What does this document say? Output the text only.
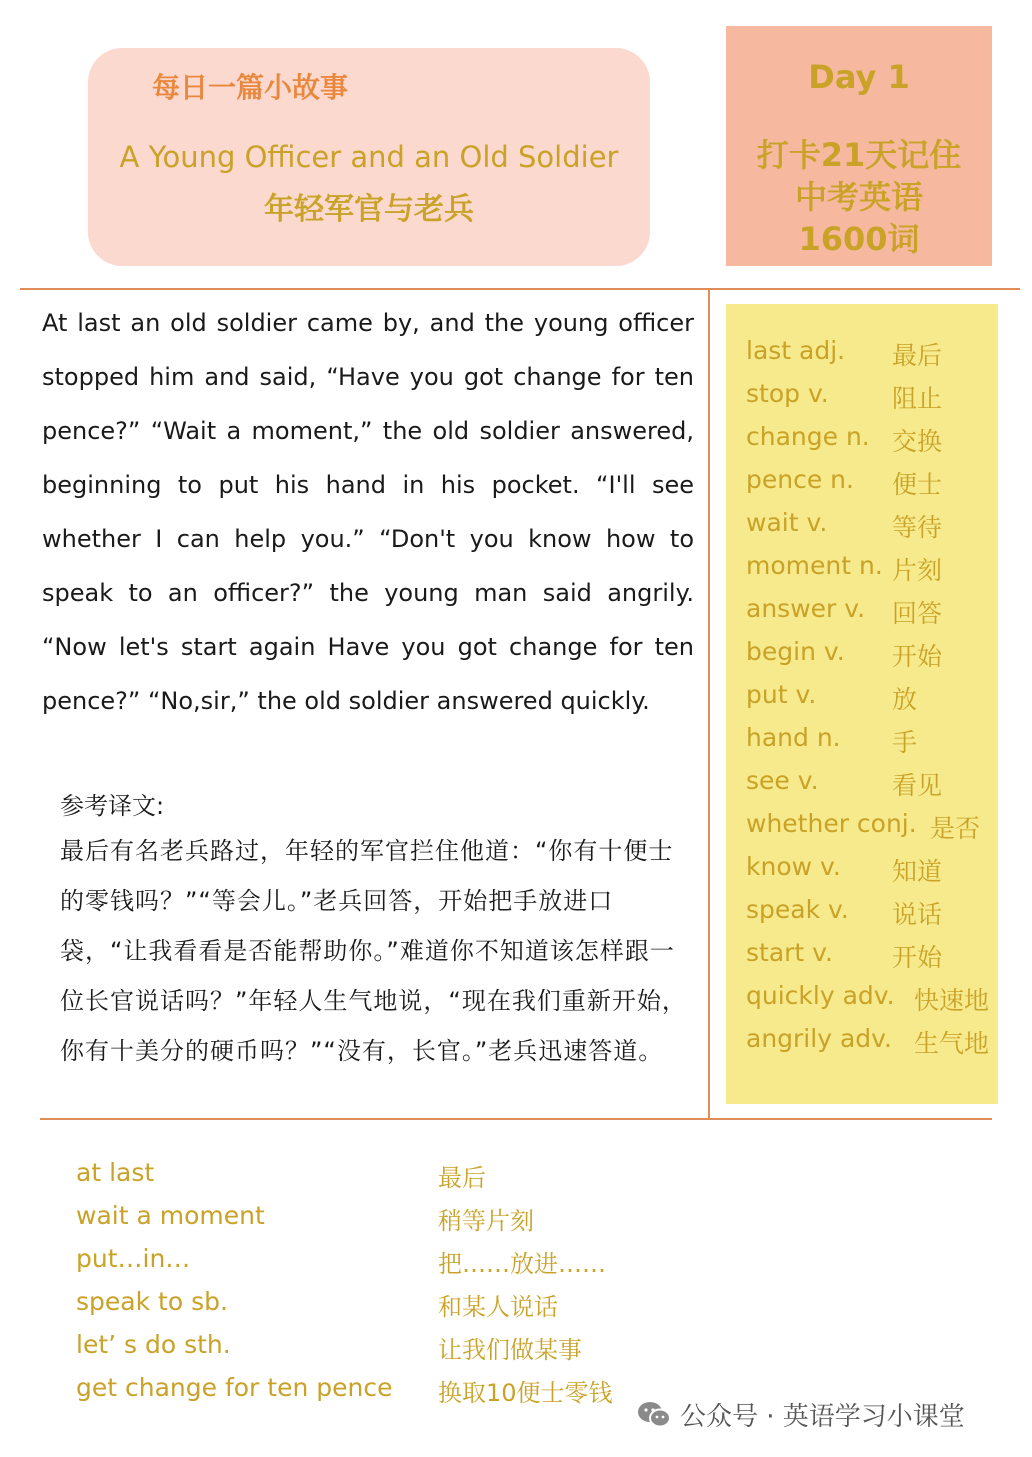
每日一篇小故事
A Young Officer and an Old Soldier
年轻军官与老兵
Day 1
打卡21天记住
中考英语
1600词

At last an old soldier came by, and the young officer stopped him and said, “Have you got change for ten pence?” “Wait a moment,” the old soldier answered, beginning to put his hand in his pocket. “I'll see whether I can help you.” “Don't you know how to speak to an officer?” the young man said angrily. “Now let's start again Have you got change for ten pence?” “No,sir,” the old soldier answered quickly.

参考译文:

最后有名老兵路过，年轻的军官拦住他道：“你有十便士的零钱吗？”“等会儿。”老兵回答，开始把手放进口袋，“让我看看是否能帮助你。”难道你不知道该怎样跟一位长官说话吗？”年轻人生气地说，“现在我们重新开始，你有十美分的硬币吗？”“没有，长官。”老兵迅速答道。

last adj. 最后
stop v.	阻止
change n. 交换
pence n. 便士
wait v.	等待
moment n. 片刻
answer v. 回答
begin v. 开始
put v.	放
hand n. 手
see v.	看见
whether conj. 是否
know v. 知道
speak v. 说话
start v. 开始
quickly adv. 快速地
angrily adv. 生气地
at last	最后
wait a moment	稍等片刻
put…in…	把……放进……
speak to sb.	和某人说话
let’ s do sth.	让我们做某事
get change for ten pence 换取10便士零钱
公众号 · 英语学习小课堂
